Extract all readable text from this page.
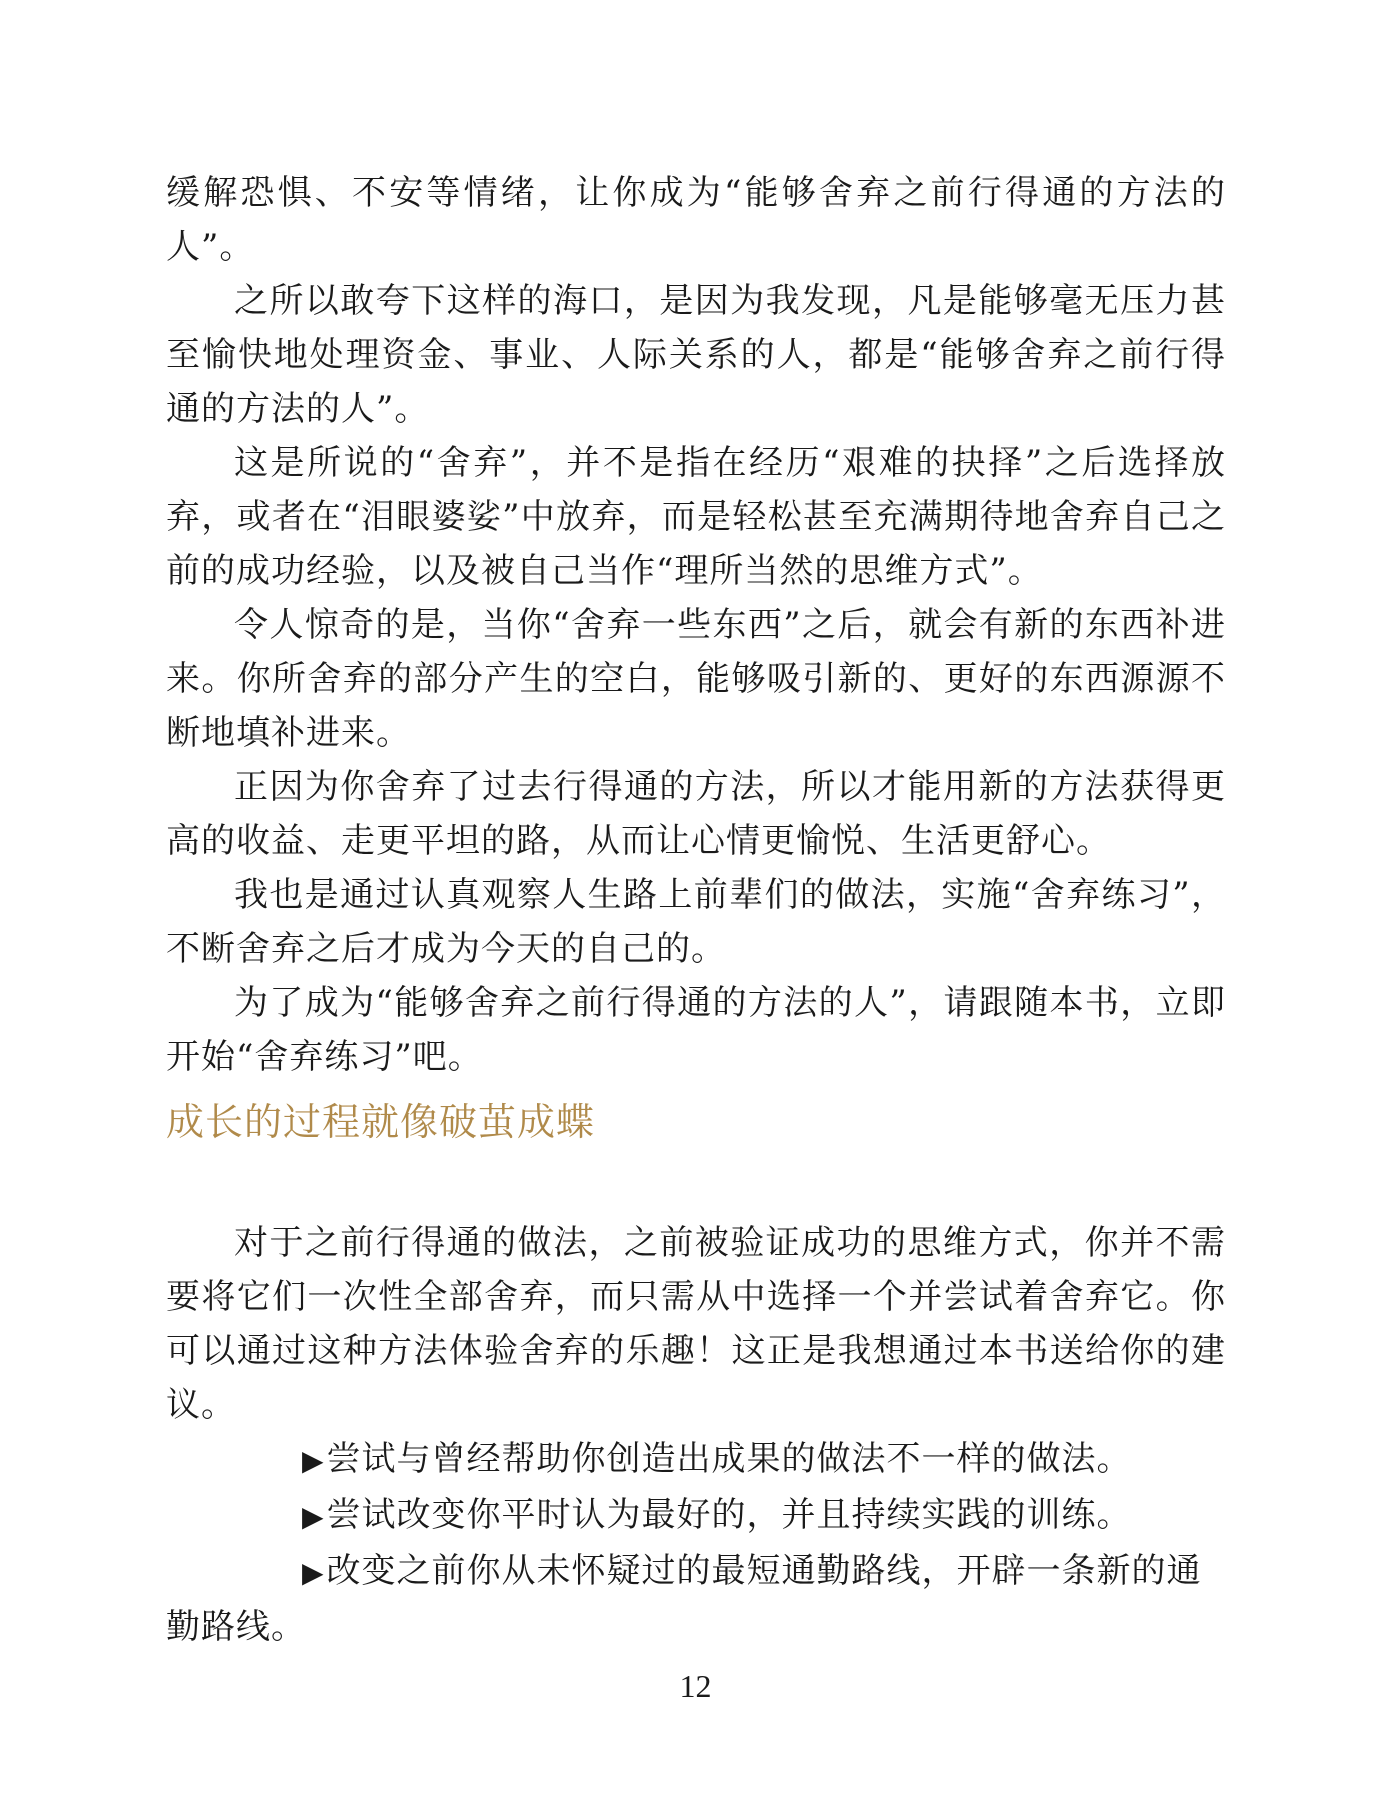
缓解恐惧、不安等情绪，让你成为“能够舍弃之前行得通的方法的人”。

之所以敢夸下这样的海口，是因为我发现，凡是能够毫无压力甚至愉快地处理资金、事业、人际关系的人，都是“能够舍弃之前行得通的方法的人”。

这是所说的“舍弃”，并不是指在经历“艰难的抉择”之后选择放弃，或者在“泪眼婆娑”中放弃，而是轻松甚至充满期待地舍弃自己之前的成功经验，以及被自己当作“理所当然的思维方式”。

令人惊奇的是，当你“舍弃一些东西”之后，就会有新的东西补进来。你所舍弃的部分产生的空白，能够吸引新的、更好的东西源源不断地填补进来。

正因为你舍弃了过去行得通的方法，所以才能用新的方法获得更高的收益、走更平坦的路，从而让心情更愉悦、生活更舒心。

我也是通过认真观察人生路上前辈们的做法，实施“舍弃练习”，不断舍弃之后才成为今天的自己的。

为了成为“能够舍弃之前行得通的方法的人”，请跟随本书，立即开始“舍弃练习”吧。

成长的过程就像破茧成蝶

对于之前行得通的做法，之前被验证成功的思维方式，你并不需要将它们一次性全部舍弃，而只需从中选择一个并尝试着舍弃它。你可以通过这种方法体验舍弃的乐趣！这正是我想通过本书送给你的建议。

▶尝试与曾经帮助你创造出成果的做法不一样的做法。

▶尝试改变你平时认为最好的，并且持续实践的训练。

▶改变之前你从未怀疑过的最短通勤路线，开辟一条新的通勤路线。

12
